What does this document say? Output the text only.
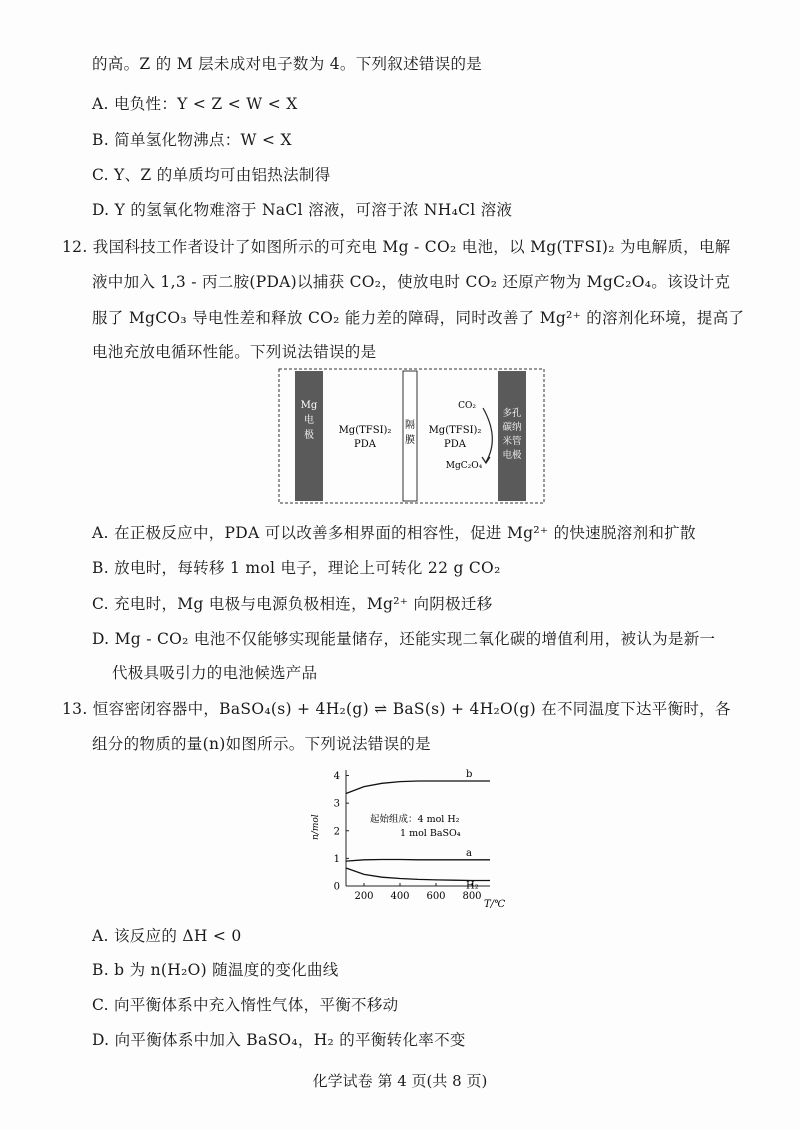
的高。Z 的 M 层未成对电子数为 4。下列叙述错误的是
A. 电负性：Y < Z < W < X
B. 简单氢化物沸点：W < X
C. Y、Z 的单质均可由铝热法制得
D. Y 的氢氧化物难溶于 NaCl 溶液，可溶于浓 NH₄Cl 溶液
12. 我国科技工作者设计了如图所示的可充电 Mg - CO₂ 电池，以 Mg(TFSI)₂ 为电解质，电解
液中加入 1,3 - 丙二胺(PDA)以捕获 CO₂，使放电时 CO₂ 还原产物为 MgC₂O₄。该设计克
服了 MgCO₃ 导电性差和释放 CO₂ 能力差的障碍，同时改善了 Mg²⁺ 的溶剂化环境，提高了
电池充放电循环性能。下列说法错误的是
Mg
电
极 Mg(TFSI)₂
PDA
隔
膜
Mg(TFSI)₂
PDA
CO₂
MgC₂O₄
多孔
碳纳
米管
电极
A. 在正极反应中，PDA 可以改善多相界面的相容性，促进 Mg²⁺ 的快速脱溶剂和扩散
B. 放电时，每转移 1 mol 电子，理论上可转化 22 g CO₂
C. 充电时，Mg 电极与电源负极相连，Mg²⁺ 向阴极迁移
D. Mg - CO₂ 电池不仅能够实现能量储存，还能实现二氧化碳的增值利用，被认为是新一
代极具吸引力的电池候选产品
13. 恒容密闭容器中，BaSO₄(s) + 4H₂(g) ⇌ BaS(s) + 4H₂O(g) 在不同温度下达平衡时，各
组分的物质的量(n)如图所示。下列说法错误的是
200 400 600 800
0
1
2
3
4	b
a
H₂
n/mol
T/℃
起始组成：4 mol H₂
1 mol BaSO₄
A. 该反应的 ΔH < 0
B. b 为 n(H₂O) 随温度的变化曲线
C. 向平衡体系中充入惰性气体，平衡不移动
D. 向平衡体系中加入 BaSO₄，H₂ 的平衡转化率不变
化学试卷 第 4 页(共 8 页)
